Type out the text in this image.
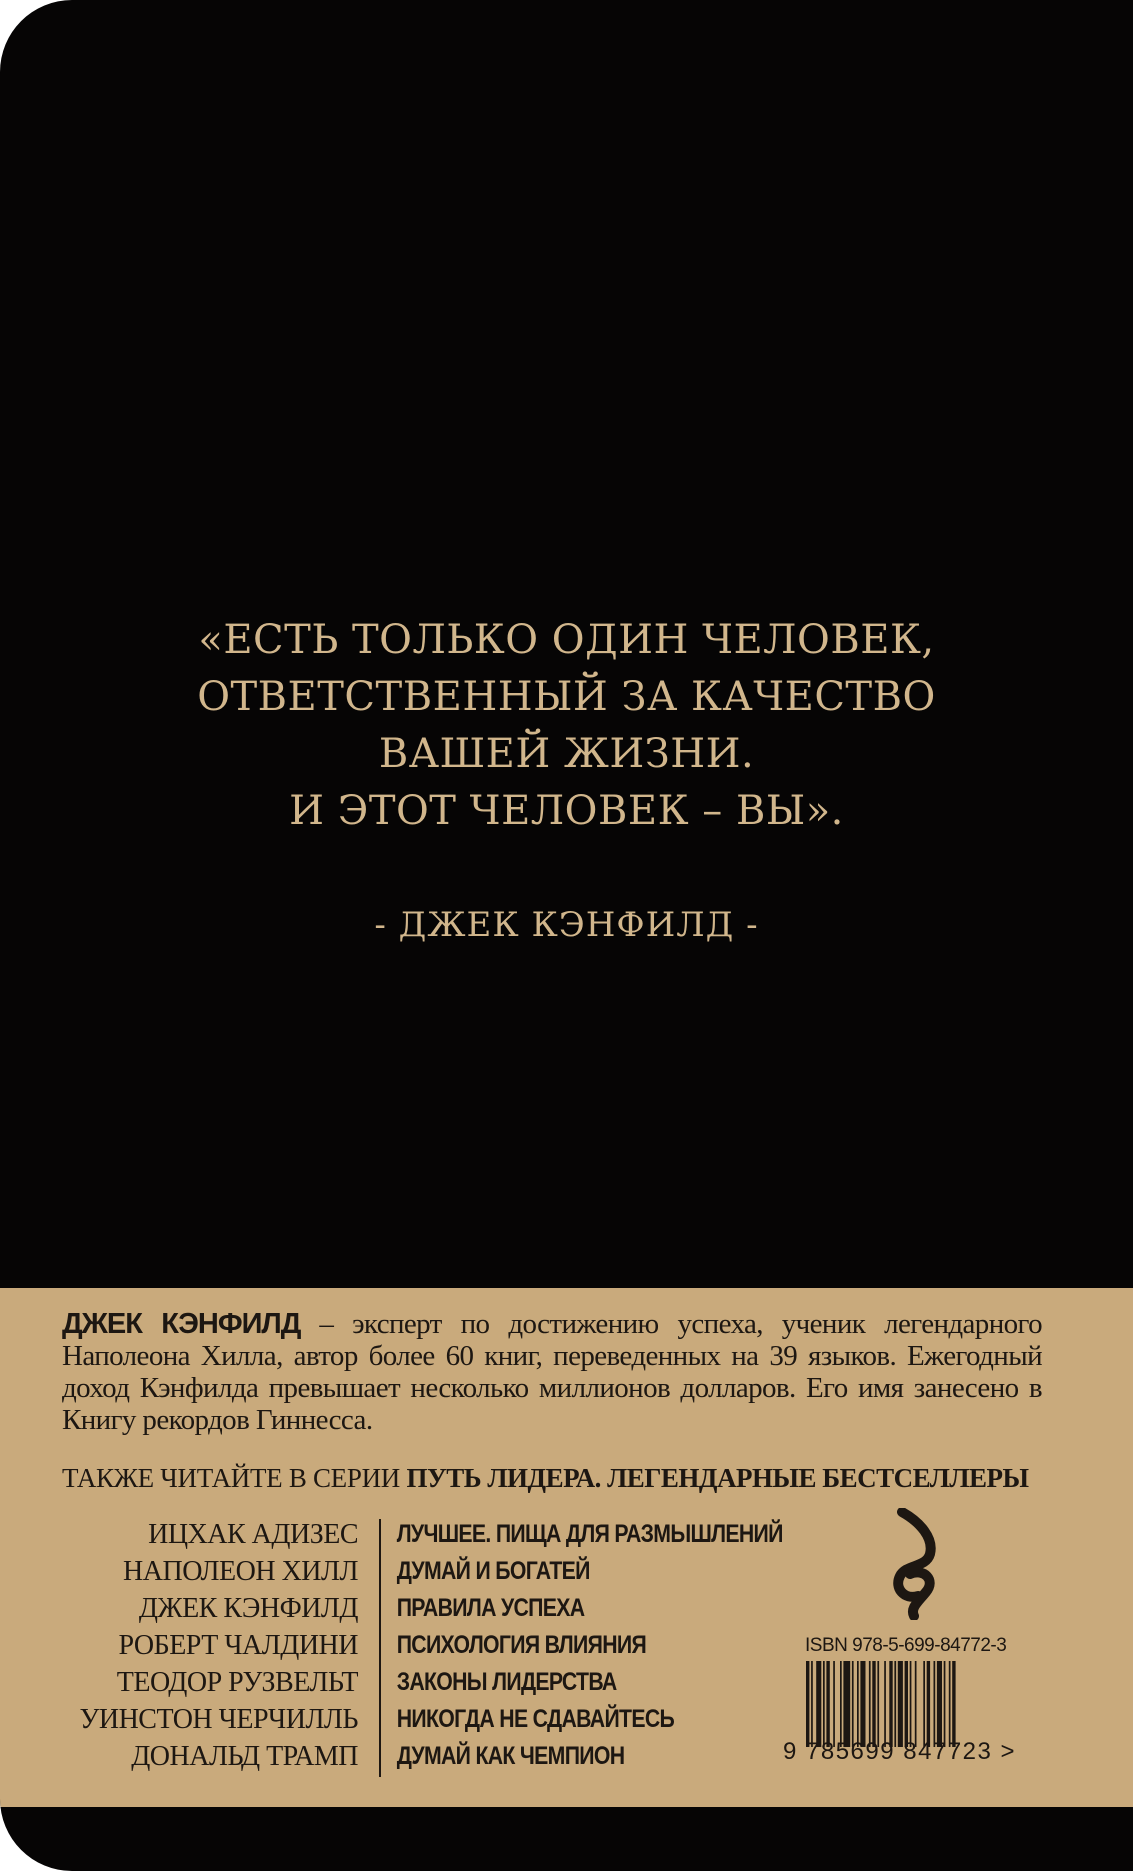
«ЕСТЬ ТОЛЬКО ОДИН ЧЕЛОВЕК,
ОТВЕТСТВЕННЫЙ ЗА КАЧЕСТВО
ВАШЕЙ ЖИЗНИ.
И ЭТОТ ЧЕЛОВЕК – ВЫ».
- ДЖЕК КЭНФИЛД -
ДЖЕК КЭНФИЛД – эксперт по достижению успеха, ученик легендарного Наполеона Хилла, автор более 60 книг, переведенных на 39 языков. Ежегодный доход Кэнфилда превышает несколько миллионов долларов. Его имя занесено в Книгу рекордов Гиннесса.
ТАКЖЕ ЧИТАЙТЕ В СЕРИИ ПУТЬ ЛИДЕРА. ЛЕГЕНДАРНЫЕ БЕСТСЕЛЛЕРЫ
ИЦХАК АДИЗЕС	ЛУЧШЕЕ. ПИЩА ДЛЯ РАЗМЫШЛЕНИЙ
НАПОЛЕОН ХИЛЛ	ДУМАЙ И БОГАТЕЙ
ДЖЕК КЭНФИЛД	ПРАВИЛА УСПЕХА
РОБЕРТ ЧАЛДИНИ	ПСИХОЛОГИЯ ВЛИЯНИЯ
ТЕОДОР РУЗВЕЛЬТ	ЗАКОНЫ ЛИДЕРСТВА
УИНСТОН ЧЕРЧИЛЛЬ	НИКОГДА НЕ СДАВАЙТЕСЬ
ДОНАЛЬД ТРАМП	ДУМАЙ КАК ЧЕМПИОН
ISBN 978-5-699-84772-3
9 785699 847723 >
